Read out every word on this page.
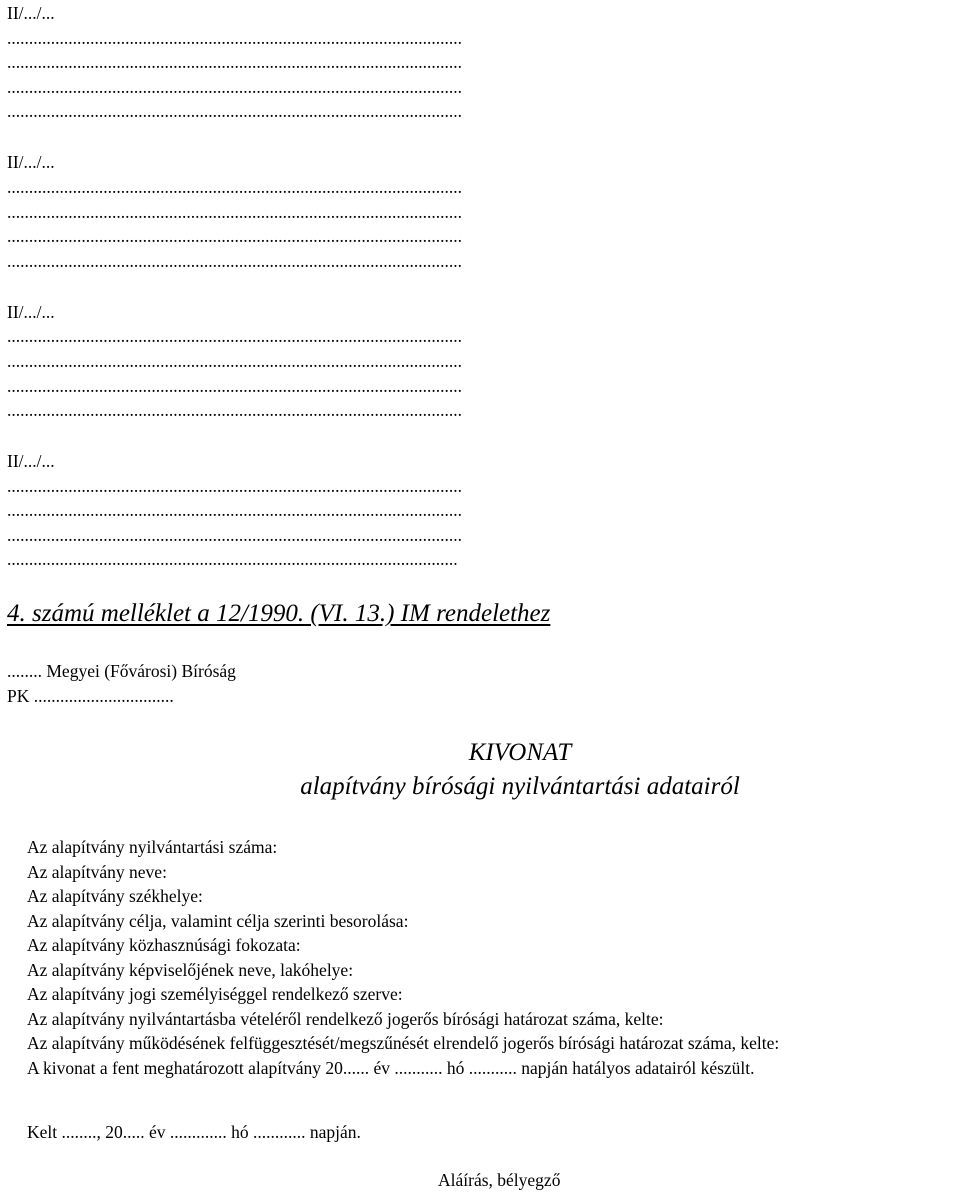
II/.../...
........................................................................................................
........................................................................................................
........................................................................................................
........................................................................................................
II/.../...
........................................................................................................
........................................................................................................
........................................................................................................
........................................................................................................
II/.../...
........................................................................................................
........................................................................................................
........................................................................................................
........................................................................................................
II/.../...
........................................................................................................
........................................................................................................
........................................................................................................
.......................................................................................................
4. számú melléklet a 12/1990. (VI. 13.) IM rendelethez
........ Megyei (Fővárosi) Bíróság
PK ................................
KIVONAT
alapítvány bírósági nyilvántartási adatairól
Az alapítvány nyilvántartási száma:
Az alapítvány neve:
Az alapítvány székhelye:
Az alapítvány célja, valamint célja szerinti besorolása:
Az alapítvány közhasznúsági fokozata:
Az alapítvány képviselőjének neve, lakóhelye:
Az alapítvány jogi személyiséggel rendelkező szerve:
Az alapítvány nyilvántartásba vételéről rendelkező jogerős bírósági határozat száma, kelte:
Az alapítvány működésének felfüggesztését/megszűnését elrendelő jogerős bírósági határozat száma, kelte:
A kivonat a fent meghatározott alapítvány 20...... év ........... hó ........... napján hatályos adatairól készült.
Kelt ........, 20..... év ............. hó ............ napján.
Aláírás, bélyegző
